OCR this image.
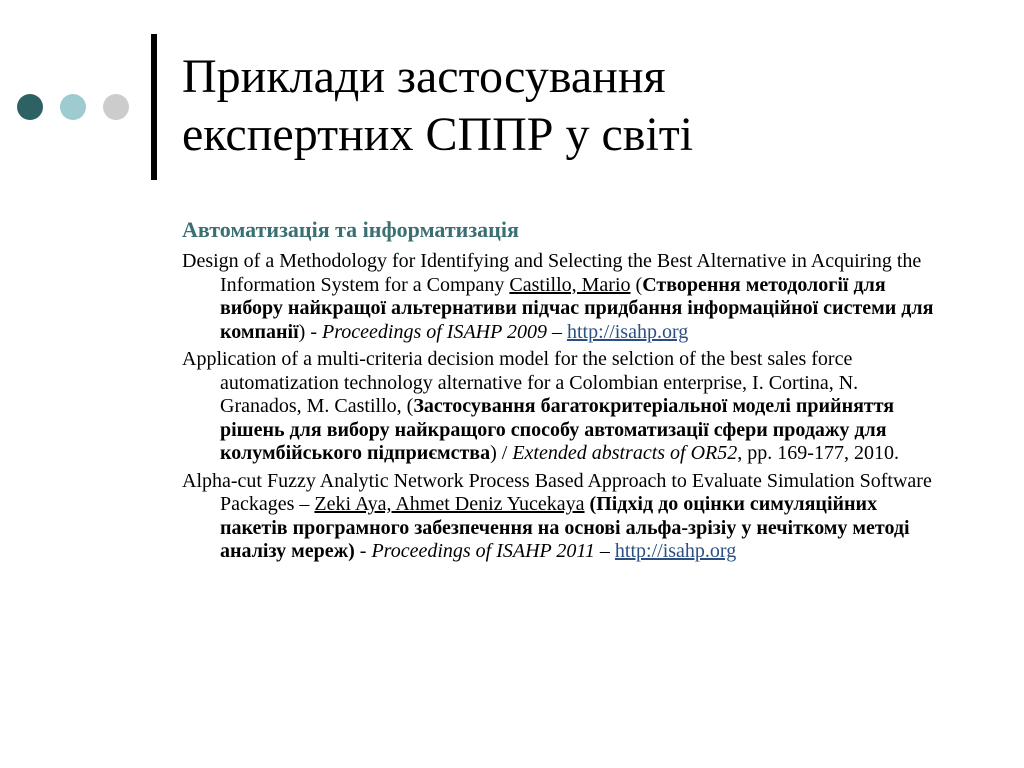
Приклади застосування
експертних СППР у світі
Автоматизація та інформатизація

Design of a Methodology for Identifying and Selecting the Best Alternative in Acquiring the Information System for a Company Castillo, Mario (Створення методології для вибору найкращої альтернативи підчас придбання інформаційної системи для компанії) - Proceedings of ISAHP 2009 – http://isahp.org

Application of a multi-criteria decision model for the selction of the best sales force automatization technology alternative for a Colombian enterprise, I. Cortina, N. Granados, M. Castillo, (Застосування багатокритеріальної моделі прийняття рішень для вибору найкращого способу автоматизації сфери продажу для колумбійського підприємства) / Extended abstracts of OR52, pp. 169-177, 2010.

Alpha-cut Fuzzy Analytic Network Process Based Approach to Evaluate Simulation Software Packages – Zeki Aya, Ahmet Deniz Yucekaya (Підхід до оцінки симуляційних пакетів програмного забезпечення на основі альфа-зрізіу у нечіткому методі аналізу мереж) - Proceedings of ISAHP 2011 – http://isahp.org
